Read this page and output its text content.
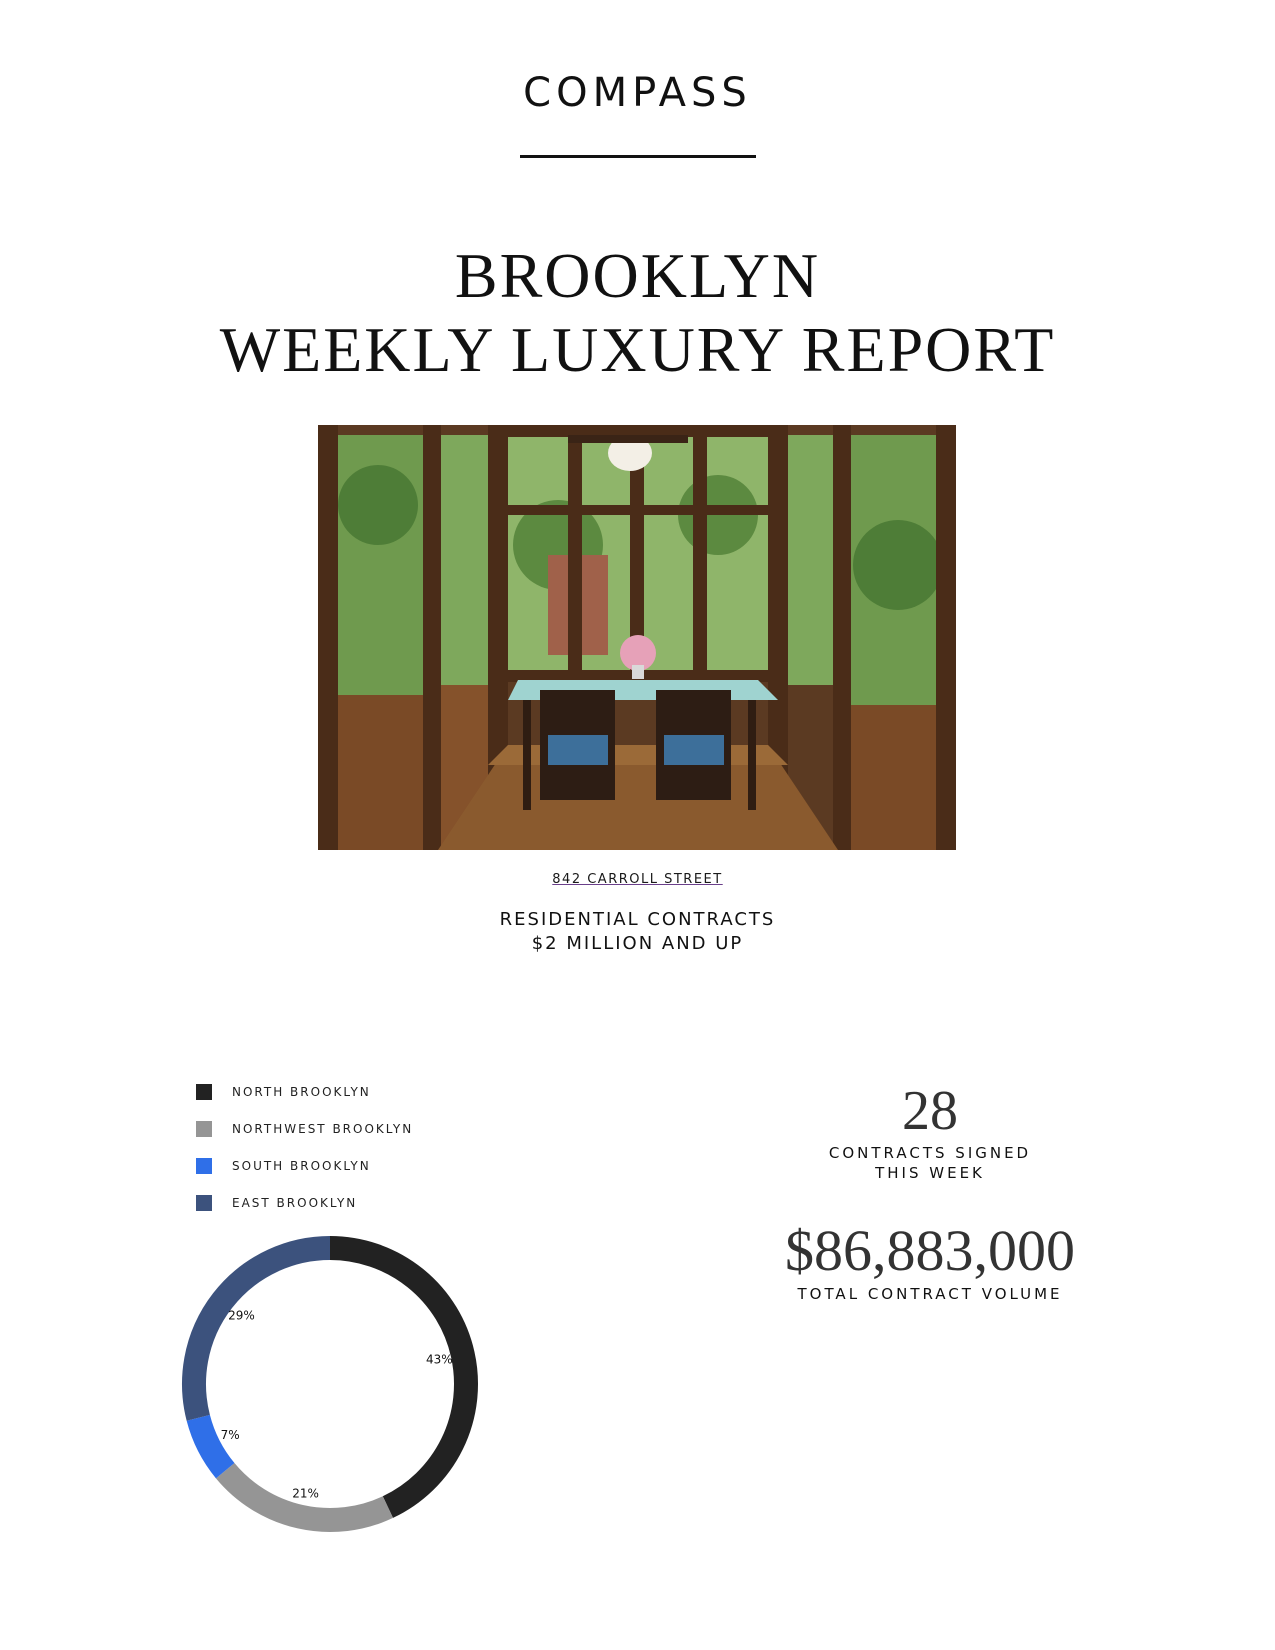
COMPASS
BROOKLYN
WEEKLY LUXURY REPORT
842 CARROLL STREET
RESIDENTIAL CONTRACTS
$2 MILLION AND UP
NORTH BROOKLYN
NORTHWEST BROOKLYN
SOUTH BROOKLYN
EAST BROOKLYN
43%
21%
7%
29%
28
CONTRACTS SIGNED
THIS WEEK
$86,883,000
TOTAL CONTRACT VOLUME
